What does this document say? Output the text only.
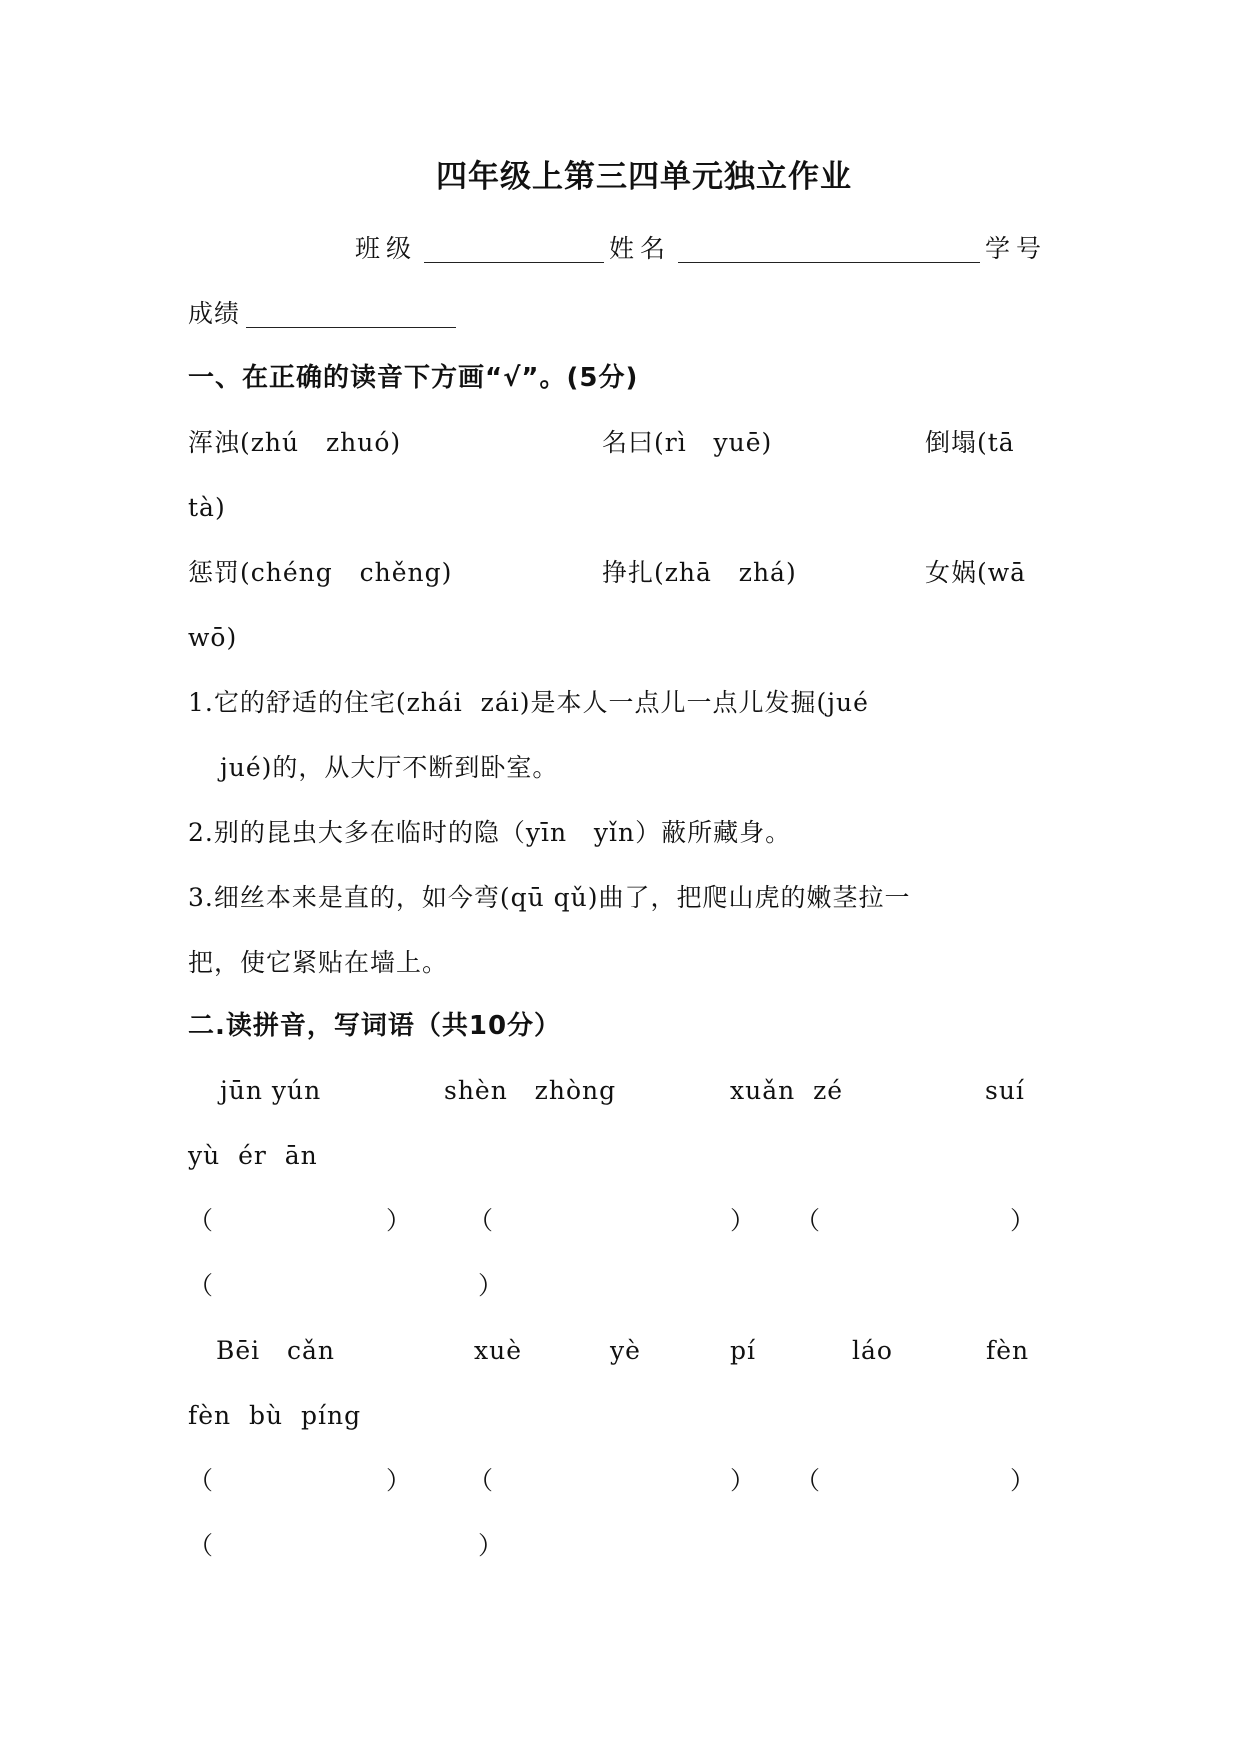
四年级上第三四单元独立作业
班级	姓名	学号
成绩
一、在正确的读音下方画“√”。(5分)
浑浊(zhú   zhuó)	名曰(rì   yuē)	倒塌(tā
tà)
惩罚(chéng   chěng)	挣扎(zhā   zhá)	女娲(wā
wō)
1.它的舒适的住宅(zhái  zái)是本人一点儿一点儿发掘(jué
jué)的，从大厅不断到卧室。
2.别的昆虫大多在临时的隐（yīn   yǐn）蔽所藏身。
3.细丝本来是直的，如今弯(qū qǔ)曲了，把爬山虎的嫩茎拉一
把，使它紧贴在墙上。
二.读拼音，写词语（共10分）
jūn yún	shèn   zhòng	xuǎn  zé	suí
yù  ér  ān
（	） （	） （	）
（	）
Bēi   cǎn	xuè	yè	pí	láo	fèn
fèn  bù  píng
（	） （	） （	）
（	）
